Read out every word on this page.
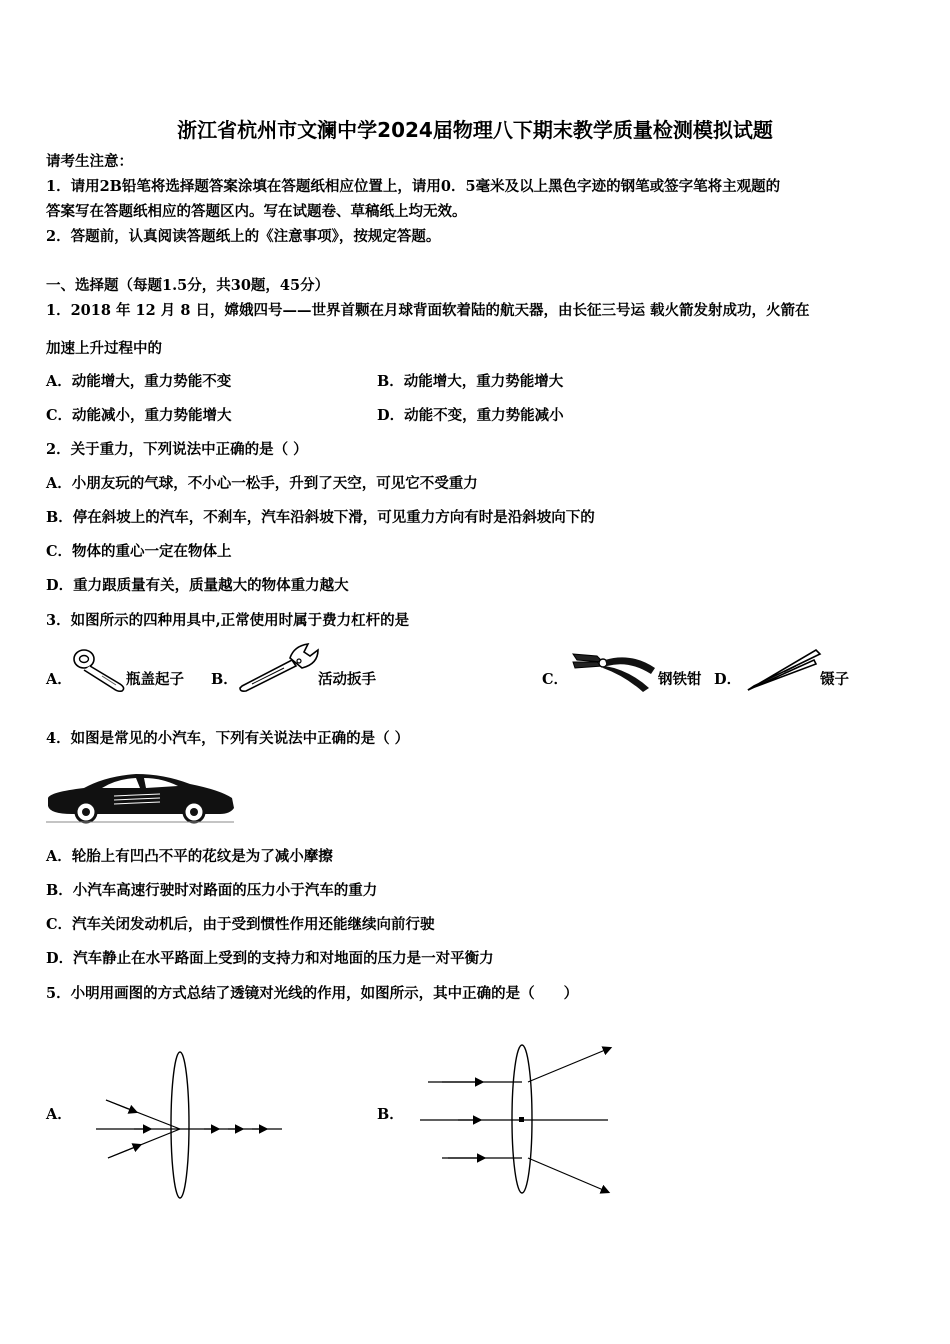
浙江省杭州市文澜中学2024届物理八下期末教学质量检测模拟试题
请考生注意：
1．请用2B铅笔将选择题答案涂填在答题纸相应位置上，请用0．5毫米及以上黑色字迹的钢笔或签字笔将主观题的
答案写在答题纸相应的答题区内。写在试题卷、草稿纸上均无效。
2．答题前，认真阅读答题纸上的《注意事项》，按规定答题。
一、选择题（每题1.5分，共30题，45分）
1．2018 年 12 月 8 日，嫦娥四号——世界首颗在月球背面软着陆的航天器，由长征三号运 载火箭发射成功，火箭在
加速上升过程中的
A．动能增大，重力势能不变	B．动能增大，重力势能增大
C．动能减小，重力势能增大	D．动能不变，重力势能减小
2．关于重力，下列说法中正确的是（ ）
A．小朋友玩的气球，不小心一松手，升到了天空，可见它不受重力
B．停在斜坡上的汽车，不刹车，汽车沿斜坡下滑，可见重力方向有时是沿斜坡向下的
C．物体的重心一定在物体上
D．重力跟质量有关，质量越大的物体重力越大
3．如图所示的四种用具中,正常使用时属于费力杠杆的是
A．	瓶盖起子 B．	活动扳手	C．	钢铁钳 D．	镊子
4．如图是常见的小汽车，下列有关说法中正确的是（ ）
A．轮胎上有凹凸不平的花纹是为了减小摩擦
B．小汽车高速行驶时对路面的压力小于汽车的重力
C．汽车关闭发动机后，由于受到惯性作用还能继续向前行驶
D．汽车静止在水平路面上受到的支持力和对地面的压力是一对平衡力
5．小明用画图的方式总结了透镜对光线的作用，如图所示，其中正确的是（　　）
A．	B．
